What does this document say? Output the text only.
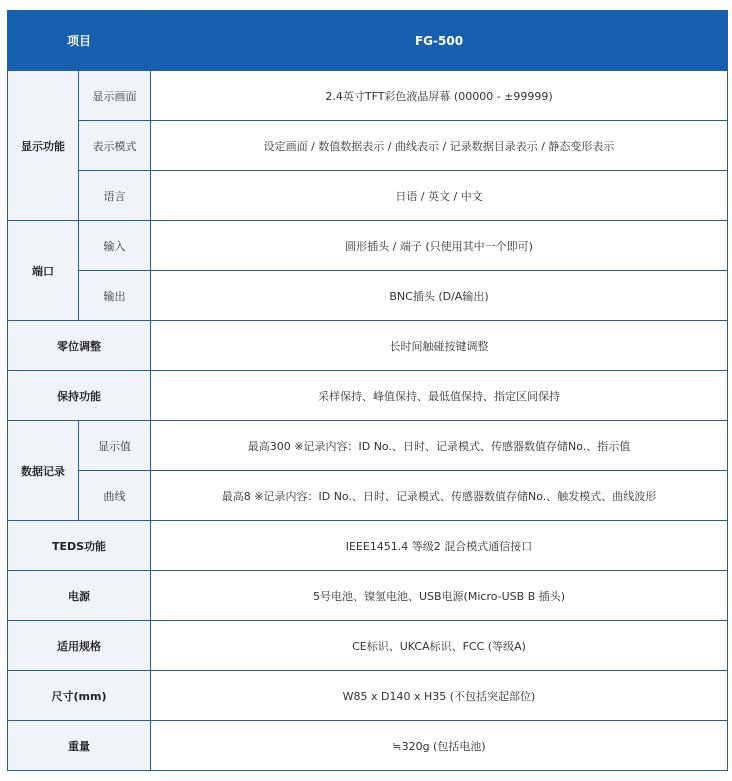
项目		FG-500
显示功能	显示画面	2.4英寸TFT彩色液晶屏幕 (00000 - ±99999)
	表示模式	设定画面 / 数值数据表示 / 曲线表示 / 记录数据目录表示 / 静态变形表示
	语言	日语 / 英文 / 中文
端口	输入	圆形插头 / 端子 (只使用其中一个即可)
	输出	BNC插头 (D/A输出)
零位调整		长时间触碰按键调整
保持功能		采样保持、峰值保持、最低值保持、指定区间保持
数据记录	显示值	最高300 ※记录内容：ID No.、日时、记录模式、传感器数值存储No.、指示值
	曲线	最高8 ※记录内容：ID No.、日时、记录模式、传感器数值存储No.、触发模式、曲线波形
TEDS功能		IEEE1451.4 等级2 混合模式通信接口
电源		5号电池、镍氢电池、USB电源(Micro-USB B 插头)
适用规格		CE标识、UKCA标识、FCC (等级A)
尺寸(mm)		W85 x D140 x H35 (不包括突起部位)
重量		≒320g (包括电池)
